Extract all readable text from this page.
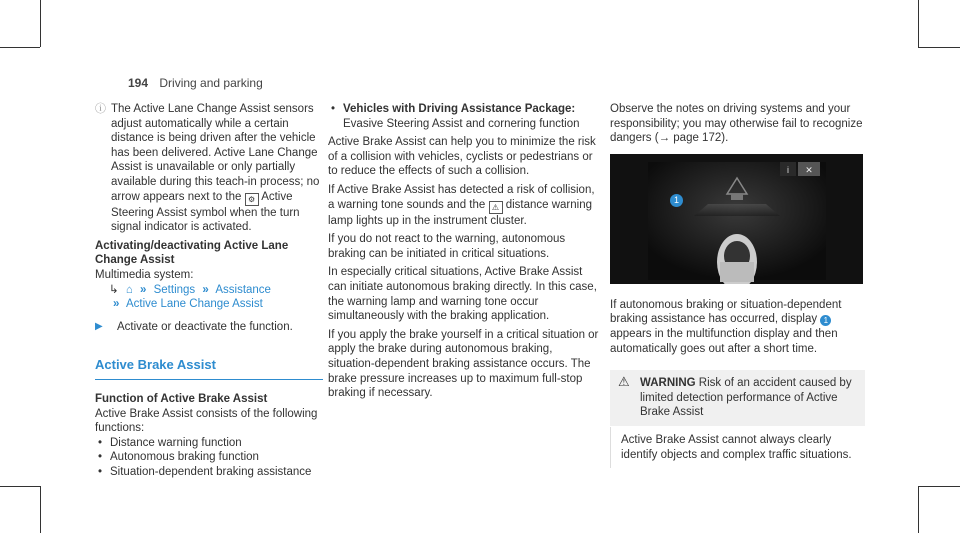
194 Driving and parking

ⓘ The Active Lane Change Assist sensors adjust automatically while a certain distance is being driven after the vehicle has been delivered. Active Lane Change Assist is unavailable or only partially available during this teach-in process; no arrow appears next to the ⚙ Active Steering Assist symbol when the turn signal indicator is activated.

Activating/deactivating Active Lane Change Assist
Multimedia system:
↳ ⌂ » Settings » Assistance
» Active Lane Change Assist
▶ Activate or deactivate the function.
Active Brake Assist
Function of Active Brake Assist
Active Brake Assist consists of the following functions:
• Distance warning function
• Autonomous braking function
• Situation-dependent braking assistance
• Vehicles with Driving Assistance Package: Evasive Steering Assist and cornering function

Active Brake Assist can help you to minimize the risk of a collision with vehicles, cyclists or pedestrians or to reduce the effects of such a collision.

If Active Brake Assist has detected a risk of collision, a warning tone sounds and the ⚠ distance warning lamp lights up in the instrument cluster.

If you do not react to the warning, autonomous braking can be initiated in critical situations.

In especially critical situations, Active Brake Assist can initiate autonomous braking directly. In this case, the warning lamp and warning tone occur simultaneously with the braking application.

If you apply the brake yourself in a critical situation or apply the brake during autonomous braking, situation-dependent braking assistance occurs. The brake pressure increases up to maximum full-stop braking if necessary.

Observe the notes on driving systems and your responsibility; you may otherwise fail to recognize dangers (→ page 172).

i ✕
1

If autonomous braking or situation-dependent braking assistance has occurred, display 1 appears in the multifunction display and then automatically goes out after a short time.

⚠ WARNING Risk of an accident caused by limited detection performance of Active Brake Assist
Active Brake Assist cannot always clearly identify objects and complex traffic situations.
